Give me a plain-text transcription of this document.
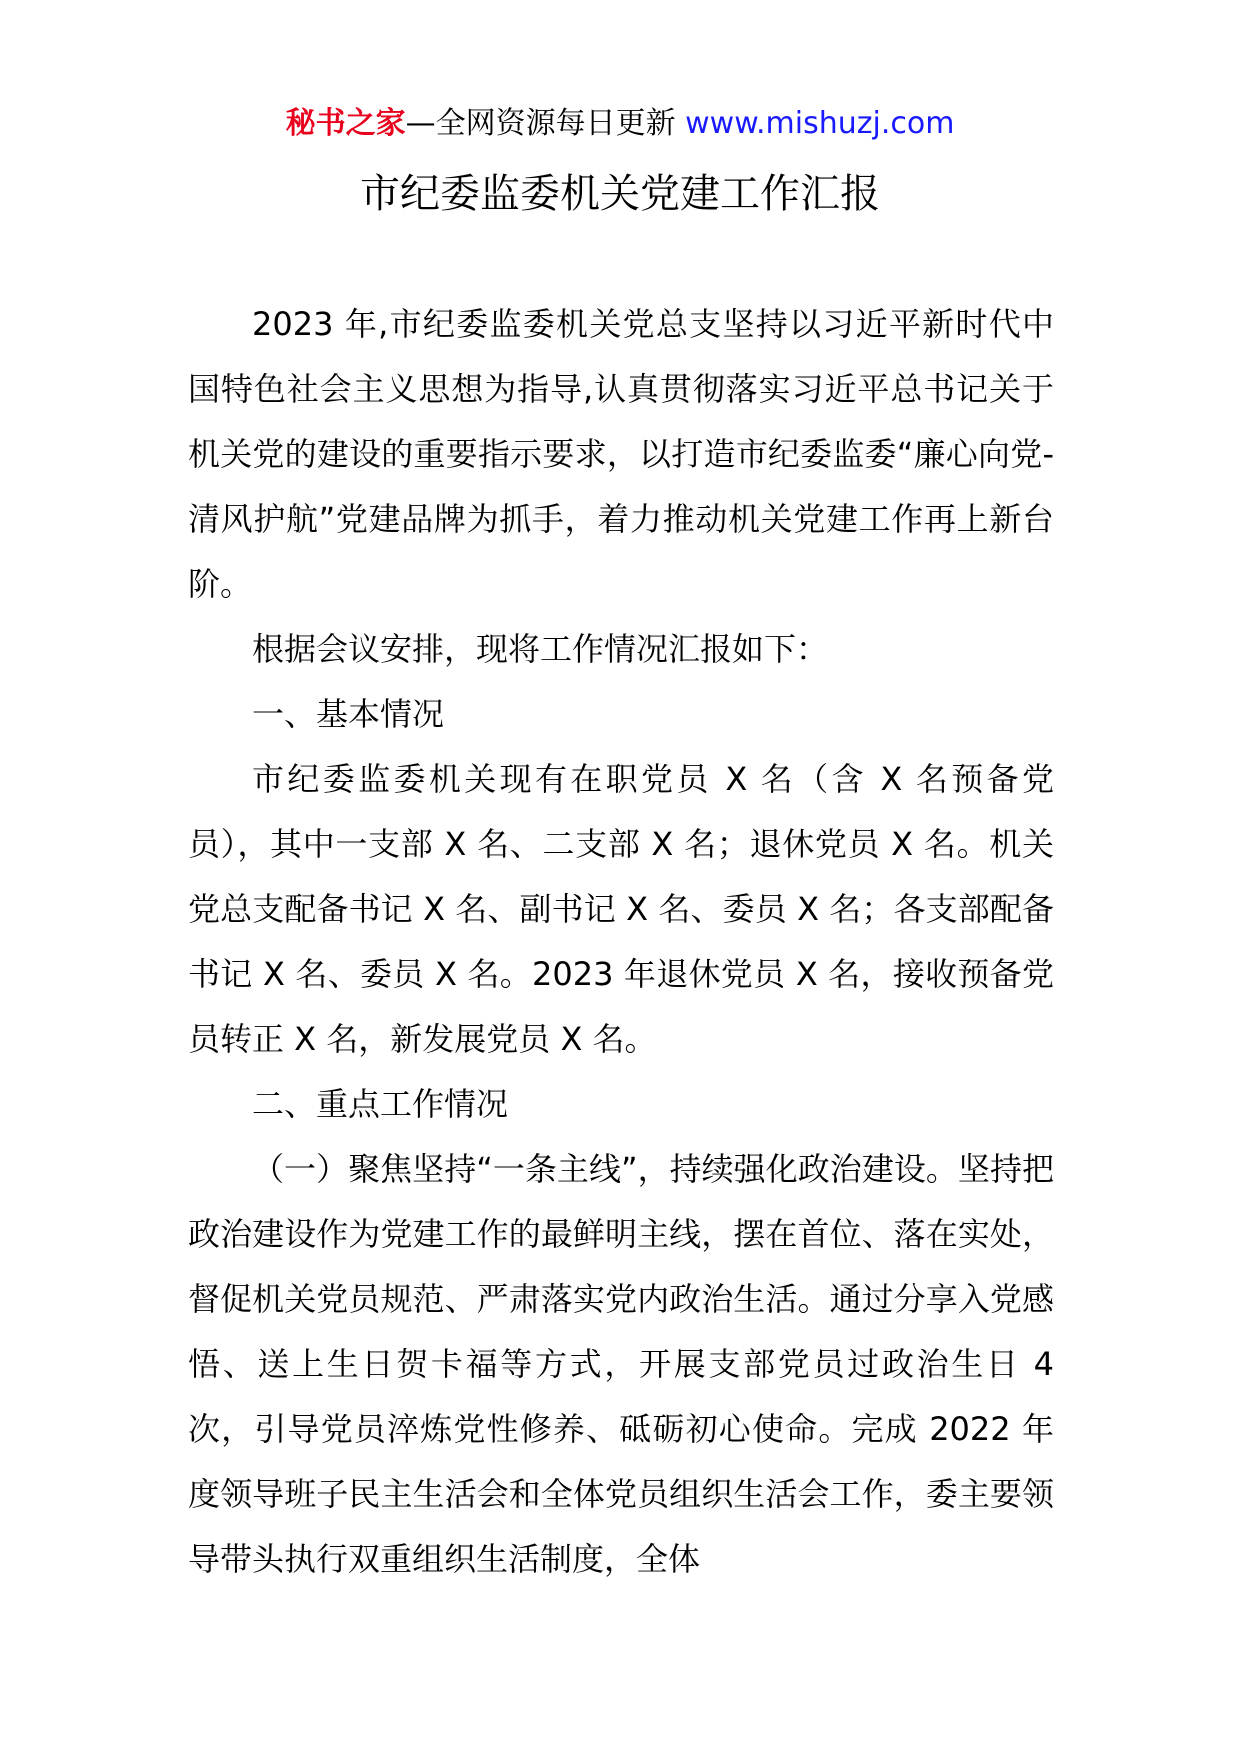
秘书之家—全网资源每日更新 www.mishuzj.com
市纪委监委机关党建工作汇报

2023 年,市纪委监委机关党总支坚持以习近平新时代中国特色社会主义思想为指导,认真贯彻落实习近平总书记关于机关党的建设的重要指示要求，以打造市纪委监委“廉心向党-清风护航”党建品牌为抓手，着力推动机关党建工作再上新台阶。

根据会议安排，现将工作情况汇报如下：

一、基本情况

市纪委监委机关现有在职党员 X 名（含 X 名预备党员），其中一支部 X 名、二支部 X 名；退休党员 X 名。机关党总支配备书记 X 名、副书记 X 名、委员 X 名；各支部配备书记 X 名、委员 X 名。2023 年退休党员 X 名，接收预备党员转正 X 名，新发展党员 X 名。

二、重点工作情况

（一）聚焦坚持“一条主线”，持续强化政治建设。坚持把政治建设作为党建工作的最鲜明主线，摆在首位、落在实处，督促机关党员规范、严肃落实党内政治生活。通过分享入党感悟、送上生日贺卡福等方式，开展支部党员过政治生日 4 次，引导党员淬炼党性修养、砥砺初心使命。完成 2022 年度领导班子民主生活会和全体党员组织生活会工作，委主要领导带头执行双重组织生活制度，全体
